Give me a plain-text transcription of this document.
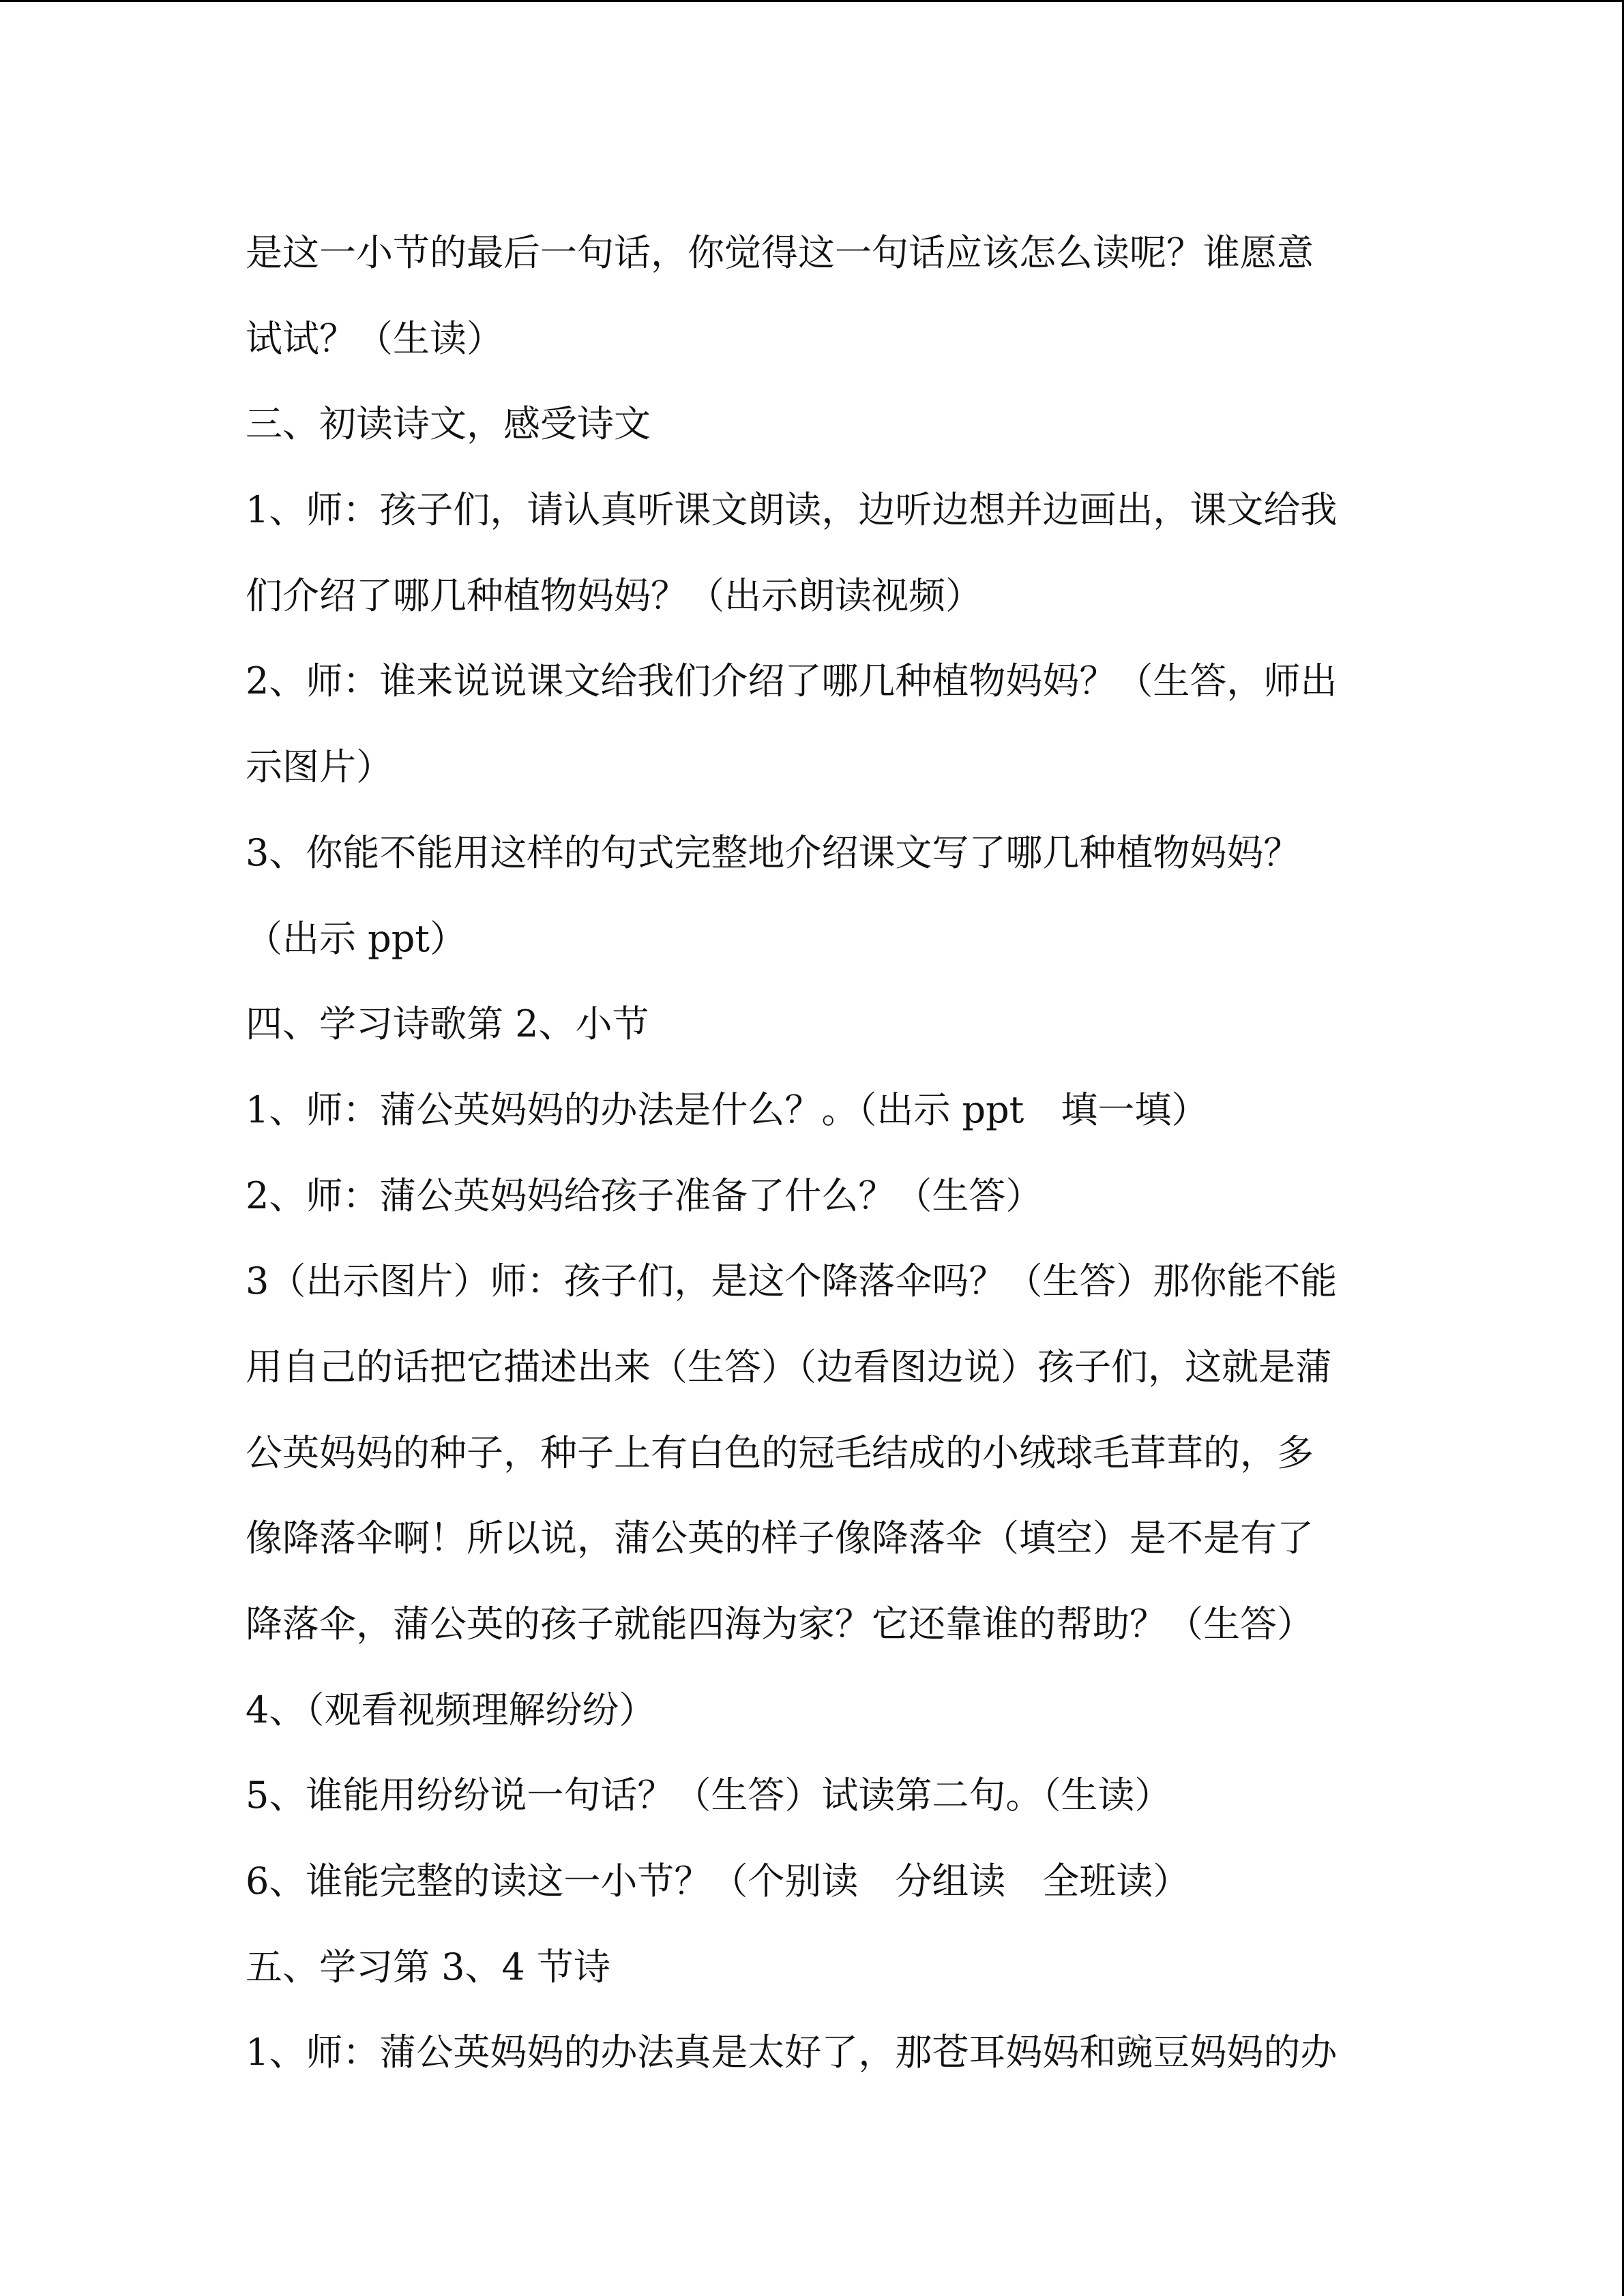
是这一小节的最后一句话，你觉得这一句话应该怎么读呢？谁愿意
试试？（生读）
三、初读诗文，感受诗文
1、师：孩子们，请认真听课文朗读，边听边想并边画出，课文给我
们介绍了哪几种植物妈妈？（出示朗读视频）
2、师：谁来说说课文给我们介绍了哪几种植物妈妈？（生答，师出
示图片）
3、你能不能用这样的句式完整地介绍课文写了哪几种植物妈妈？
（出示 ppt）
四、学习诗歌第 2、小节
1、师：蒲公英妈妈的办法是什么？。（出示 ppt　填一填）
2、师：蒲公英妈妈给孩子准备了什么？（生答）
3（出示图片）师：孩子们，是这个降落伞吗？（生答）那你能不能
用自己的话把它描述出来（生答）（边看图边说）孩子们，这就是蒲
公英妈妈的种子，种子上有白色的冠毛结成的小绒球毛茸茸的，多
像降落伞啊！所以说，蒲公英的样子像降落伞（填空）是不是有了
降落伞，蒲公英的孩子就能四海为家？它还靠谁的帮助？（生答）
4、（观看视频理解纷纷）
5、谁能用纷纷说一句话？（生答）试读第二句。（生读）
6、谁能完整的读这一小节？（个别读　分组读　全班读）
五、学习第 3、4 节诗
1、师：蒲公英妈妈的办法真是太好了，那苍耳妈妈和豌豆妈妈的办
